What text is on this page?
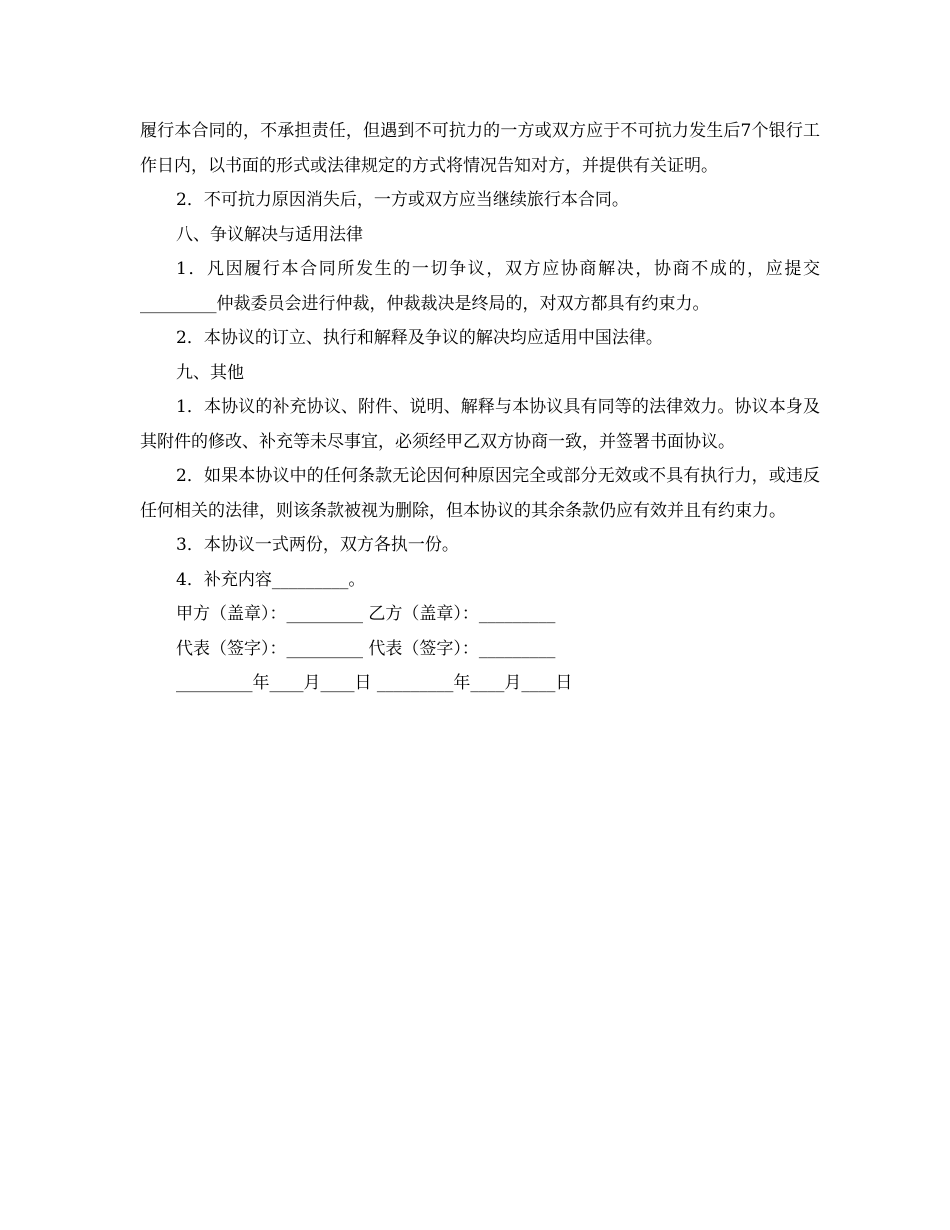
履行本合同的，不承担责任，但遇到不可抗力的一方或双方应于不可抗力发生后7个银行工作日内，以书面的形式或法律规定的方式将情况告知对方，并提供有关证明。

2．不可抗力原因消失后，一方或双方应当继续旅行本合同。

八、争议解决与适用法律

1．凡因履行本合同所发生的一切争议，双方应协商解决，协商不成的，应提交_________仲裁委员会进行仲裁，仲裁裁决是终局的，对双方都具有约束力。

2．本协议的订立、执行和解释及争议的解决均应适用中国法律。

九、其他

1．本协议的补充协议、附件、说明、解释与本协议具有同等的法律效力。协议本身及其附件的修改、补充等未尽事宜，必须经甲乙双方协商一致，并签署书面协议。

2．如果本协议中的任何条款无论因何种原因完全或部分无效或不具有执行力，或违反任何相关的法律，则该条款被视为删除，但本协议的其余条款仍应有效并且有约束力。

3．本协议一式两份，双方各执一份。

4．补充内容_________。

甲方（盖章）：_________ 乙方（盖章）：_________

代表（签字）：_________ 代表（签字）：_________

_________年____月____日 _________年____月____日
